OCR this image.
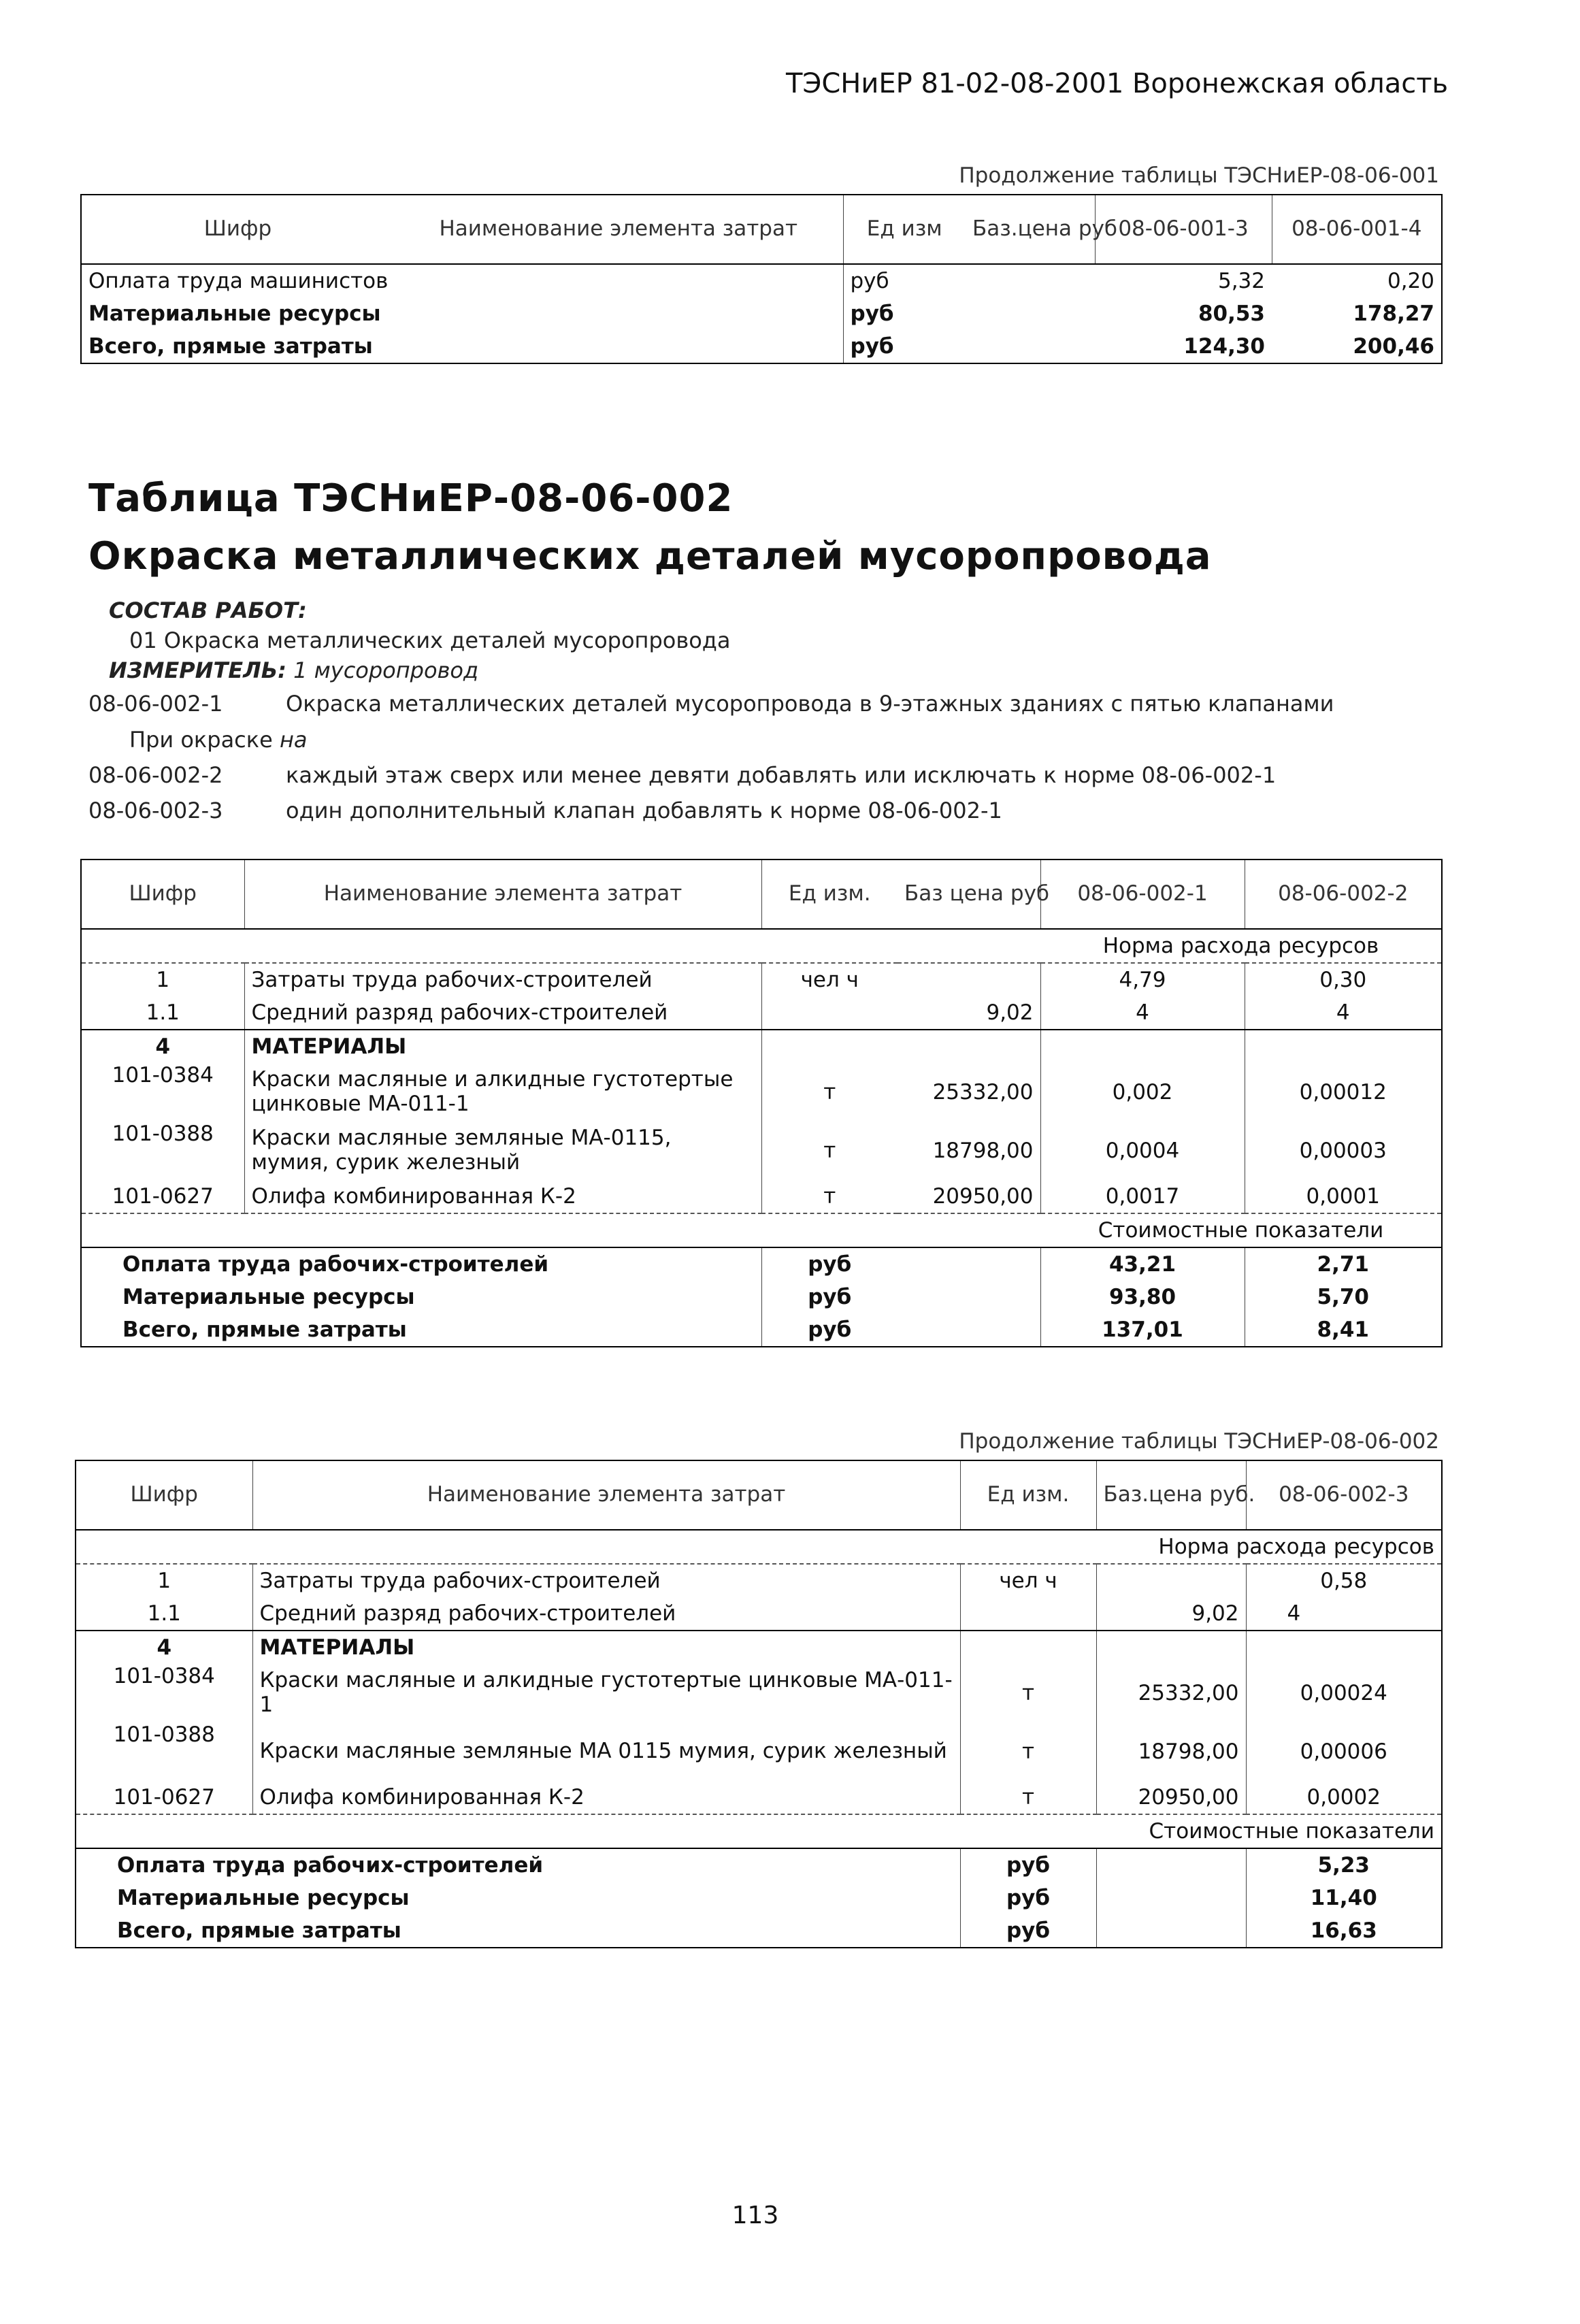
ТЭСНиЕР 81-02-08-2001 Воронежская область
Продолжение таблицы ТЭСНиЕР-08-06-001
Шифр	Наименование элемента затрат	Ед изм	Баз.цена руб	08-06-001-3	08-06-001-4
Оплата труда машинистов		руб		5,32	0,20
Материальные ресурсы		руб		80,53	178,27
Всего, прямые затраты		руб		124,30	200,46
Таблица ТЭСНиЕР-08-06-002
Окраска металлических деталей мусоропровода
СОСТАВ РАБОТ:
01 Окраска металлических деталей мусоропровода
ИЗМЕРИТЕЛЬ: 1 мусоропровод
08-06-002-1	Окраска металлических деталей мусоропровода в 9-этажных зданиях с пятью клапанами
При окраске на
08-06-002-2	каждый этаж сверх или менее девяти добавлять или исключать к норме 08-06-002-1
08-06-002-3	один дополнительный клапан добавлять к норме 08-06-002-1
Шифр	Наименование элемента затрат	Ед изм.	Баз цена руб	08-06-002-1	08-06-002-2
				Норма расхода ресурсов	
1	Затраты труда рабочих-строителей	чел ч		4,79	0,30
1.1	Средний разряд рабочих-строителей		9,02	4	4
4	МАТЕРИАЛЫ				
101-0384	Краски масляные и алкидные густотертые цинковые МА-011-1	т	25332,00	0,002	0,00012
101-0388	Краски масляные земляные МА-0115, мумия, сурик железный	т	18798,00	0,0004	0,00003
101-0627	Олифа комбинированная К-2	т	20950,00	0,0017	0,0001
				Стоимостные показатели	
Оплата труда рабочих-строителей		руб		43,21	2,71
Материальные ресурсы		руб		93,80	5,70
Всего, прямые затраты		руб		137,01	8,41
Продолжение таблицы ТЭСНиЕР-08-06-002
Шифр	Наименование элемента затрат	Ед изм.	Баз.цена руб.	08-06-002-3
			Норма расхода ресурсов	
1	Затраты труда рабочих-строителей	чел ч		0,58
1.1	Средний разряд рабочих-строителей		9,02	4
4	МАТЕРИАЛЫ			
101-0384	Краски масляные и алкидные густотертые цинковые МА-011-1	т	25332,00	0,00024
101-0388	Краски масляные земляные МА 0115 мумия, сурик железный	т	18798,00	0,00006
101-0627	Олифа комбинированная К-2	т	20950,00	0,0002
			Стоимостные показатели	
Оплата труда рабочих-строителей		руб		5,23
Материальные ресурсы		руб		11,40
Всего, прямые затраты		руб		16,63
113
